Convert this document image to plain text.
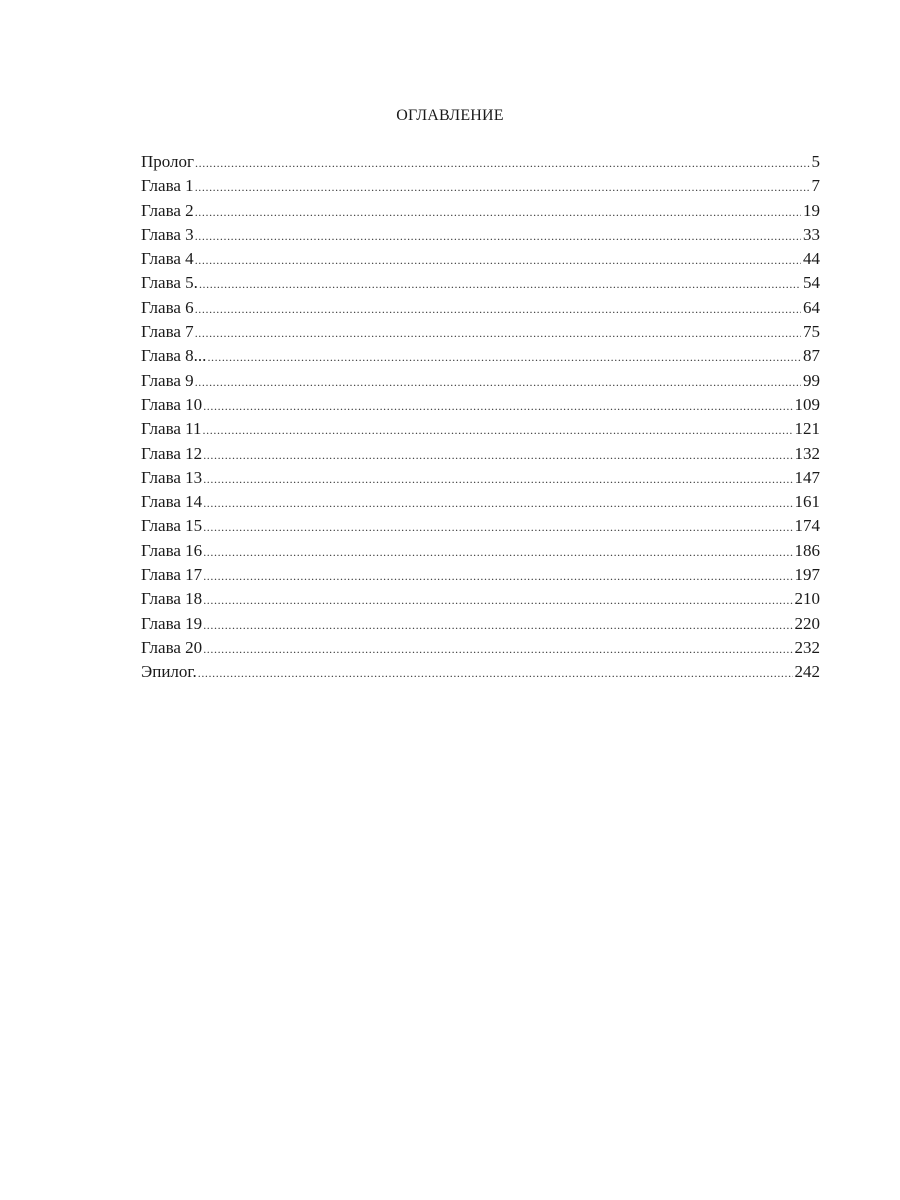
ОГЛАВЛЕНИЕ
Пролог .....	5
Глава 1 .....	7
Глава 2 .....	19
Глава 3 .....	33
Глава 4 .....	44
Глава 5. .....	54
Глава 6 .....	64
Глава 7 .....	75
Глава 8... .....	87
Глава 9 .....	99
Глава 10 .....	109
Глава 11 .....	121
Глава 12 .....	132
Глава 13 .....	147
Глава 14 .....	161
Глава 15 .....	174
Глава 16 .....	186
Глава 17 .....	197
Глава 18 .....	210
Глава 19 .....	220
Глава 20 .....	232
Эпилог. .....	242
